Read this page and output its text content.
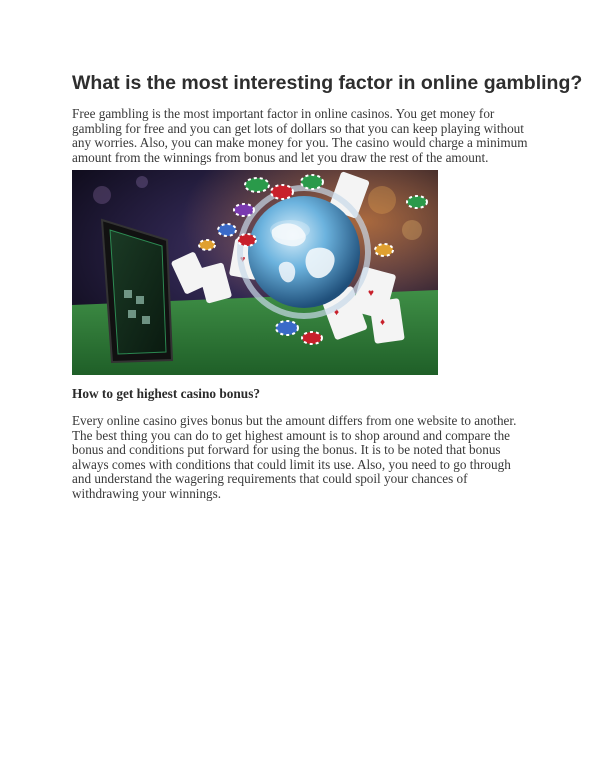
What is the most interesting factor in online gambling?

Free gambling is the most important factor in online casinos. You get money for gambling for free and you can get lots of dollars so that you can keep playing without any worries. Also, you can make money for you. The casino would charge a minimum amount from the winnings from bonus and let you draw the rest of the amount.

♦
♥
♦
♥
How to get highest casino bonus?

Every online casino gives bonus but the amount differs from one website to another. The best thing you can do to get highest amount is to shop around and compare the bonus and conditions put forward for using the bonus. It is to be noted that bonus always comes with conditions that could limit its use. Also, you need to go through and understand the wagering requirements that could spoil your chances of withdrawing your winnings.
